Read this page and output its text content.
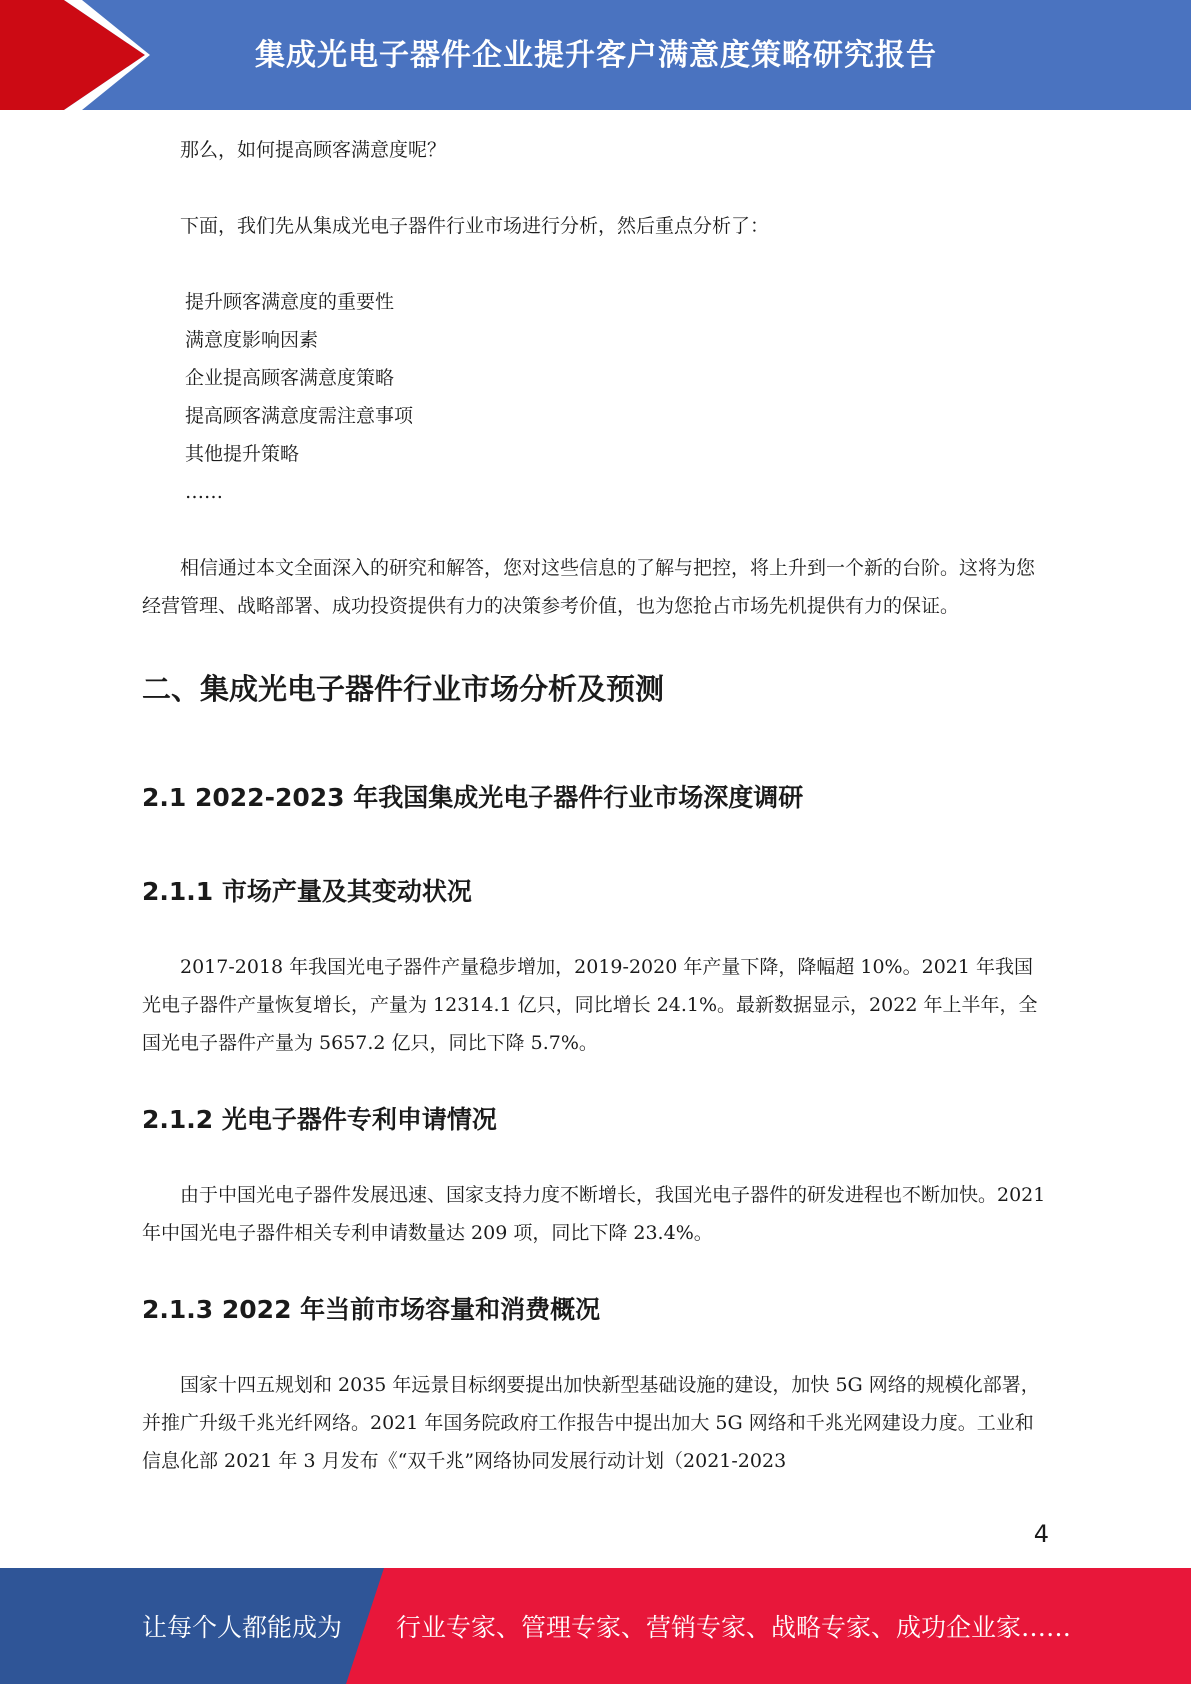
集成光电子器件企业提升客户满意度策略研究报告

那么，如何提高顾客满意度呢？

下面，我们先从集成光电子器件行业市场进行分析，然后重点分析了：

提升顾客满意度的重要性
满意度影响因素
企业提高顾客满意度策略
提高顾客满意度需注意事项
其他提升策略
……

相信通过本文全面深入的研究和解答，您对这些信息的了解与把控，将上升到一个新的台阶。这将为您经营管理、战略部署、成功投资提供有力的决策参考价值，也为您抢占市场先机提供有力的保证。

二、集成光电子器件行业市场分析及预测
2.1 2022-2023 年我国集成光电子器件行业市场深度调研
2.1.1 市场产量及其变动状况

2017-2018 年我国光电子器件产量稳步增加，2019-2020 年产量下降，降幅超 10%。2021 年我国光电子器件产量恢复增长，产量为 12314.1 亿只，同比增长 24.1%。最新数据显示，2022 年上半年，全国光电子器件产量为 5657.2 亿只，同比下降 5.7%。

2.1.2 光电子器件专利申请情况

由于中国光电子器件发展迅速、国家支持力度不断增长，我国光电子器件的研发进程也不断加快。2021 年中国光电子器件相关专利申请数量达 209 项，同比下降 23.4%。

2.1.3 2022 年当前市场容量和消费概况

国家十四五规划和 2035 年远景目标纲要提出加快新型基础设施的建设，加快 5G 网络的规模化部署，并推广升级千兆光纤网络。2021 年国务院政府工作报告中提出加大 5G 网络和千兆光网建设力度。工业和信息化部 2021 年 3 月发布《“双千兆”网络协同发展行动计划（2021-2023

4
让每个人都能成为 行业专家、管理专家、营销专家、战略专家、成功企业家……
